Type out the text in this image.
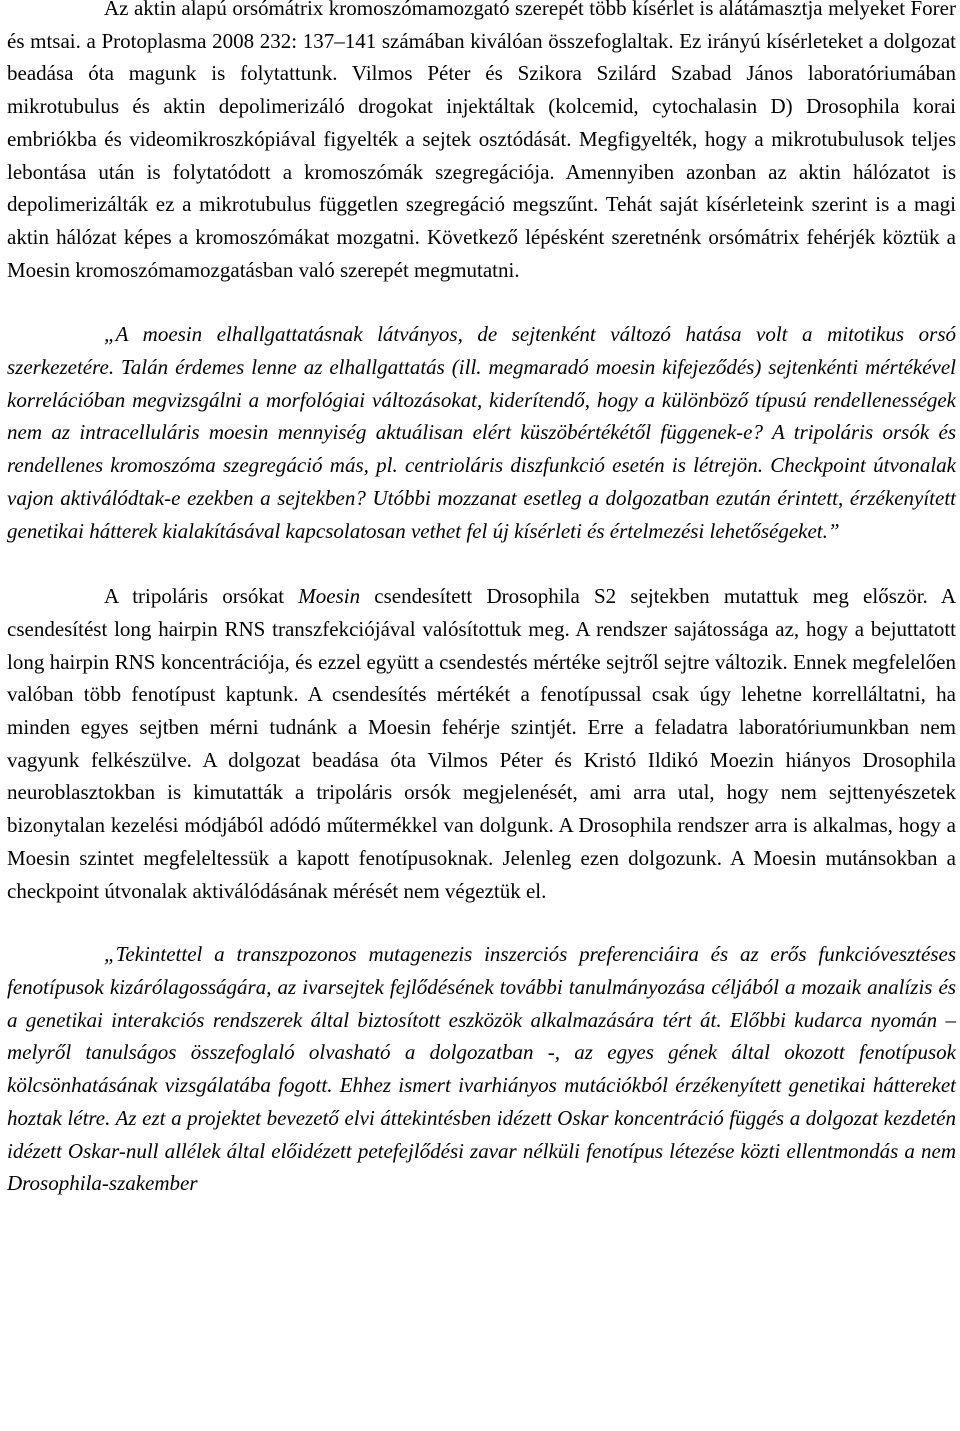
Az aktin alapú orsómátrix kromoszómamozgató szerepét több kísérlet is alátámasztja melyeket Forer és mtsai. a Protoplasma 2008 232: 137–141 számában kiválóan összefoglaltak. Ez irányú kísérleteket a dolgozat beadása óta magunk is folytattunk. Vilmos Péter és Szikora Szilárd Szabad János laboratóriumában mikrotubulus és aktin depolimerizáló drogokat injektáltak (kolcemid, cytochalasin D) Drosophila korai embriókba és videomikroszkópiával figyelték a sejtek osztódását. Megfigyelték, hogy a mikrotubulusok teljes lebontása után is folytatódott a kromoszómák szegregációja. Amennyiben azonban az aktin hálózatot is depolimerizálták ez a mikrotubulus független szegregáció megszűnt. Tehát saját kísérleteink szerint is a magi aktin hálózat képes a kromoszómákat mozgatni. Következő lépésként szeretnénk orsómátrix fehérjék köztük a Moesin kromoszómamozgatásban való szerepét megmutatni.

„A moesin elhallgattatásnak látványos, de sejtenként változó hatása volt a mitotikus orsó szerkezetére. Talán érdemes lenne az elhallgattatás (ill. megmaradó moesin kifejeződés) sejtenkénti mértékével korrelációban megvizsgálni a morfológiai változásokat, kiderítendő, hogy a különböző típusú rendellenességek nem az intracelluláris moesin mennyiség aktuálisan elért küszöbértékétől függenek-e? A tripoláris orsók és rendellenes kromoszóma szegregáció más, pl. centrioláris diszfunkció esetén is létrejön. Checkpoint útvonalak vajon aktiválódtak-e ezekben a sejtekben? Utóbbi mozzanat esetleg a dolgozatban ezután érintett, érzékenyített genetikai hátterek kialakításával kapcsolatosan vethet fel új kísérleti és értelmezési lehetőségeket.”

A tripoláris orsókat Moesin csendesített Drosophila S2 sejtekben mutattuk meg először. A csendesítést long hairpin RNS transzfekciójával valósítottuk meg. A rendszer sajátossága az, hogy a bejuttatott long hairpin RNS koncentrációja, és ezzel együtt a csendestés mértéke sejtről sejtre változik. Ennek megfelelően valóban több fenotípust kaptunk. A csendesítés mértékét a fenotípussal csak úgy lehetne korrelláltatni, ha minden egyes sejtben mérni tudnánk a Moesin fehérje szintjét. Erre a feladatra laboratóriumunkban nem vagyunk felkészülve. A dolgozat beadása óta Vilmos Péter és Kristó Ildikó Moezin hiányos Drosophila neuroblasztokban is kimutatták a tripoláris orsók megjelenését, ami arra utal, hogy nem sejttenyészetek bizonytalan kezelési módjából adódó műtermékkel van dolgunk. A Drosophila rendszer arra is alkalmas, hogy a Moesin szintet megfeleltessük a kapott fenotípusoknak. Jelenleg ezen dolgozunk. A Moesin mutánsokban a checkpoint útvonalak aktiválódásának mérését nem végeztük el.

„Tekintettel a transzpozonos mutagenezis inszerciós preferenciáira és az erős funkcióvesztéses fenotípusok kizárólagosságára, az ivarsejtek fejlődésének további tanulmányozása céljából a mozaik analízis és a genetikai interakciós rendszerek által biztosított eszközök alkalmazására tért át. Előbbi kudarca nyomán – melyről tanulságos összefoglaló olvasható a dolgozatban -, az egyes gének által okozott fenotípusok kölcsönhatásának vizsgálatába fogott. Ehhez ismert ivarhiányos mutációkból érzékenyített genetikai háttereket hoztak létre. Az ezt a projektet bevezető elvi áttekintésben idézett Oskar koncentráció függés a dolgozat kezdetén idézett Oskar-null allélek által előidézett petefejlődési zavar nélküli fenotípus létezése közti ellentmondás a nem Drosophila-szakember
